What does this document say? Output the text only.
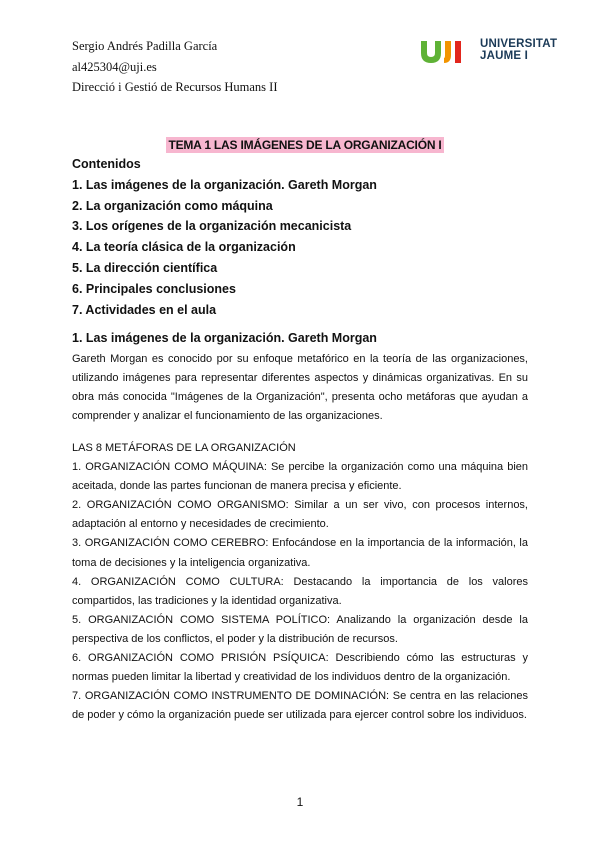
Sergio Andrés Padilla García
al425304@uji.es
Direcció i Gestió de Recursos Humans II
UNIVERSITAT
JAUME I
TEMA 1 LAS IMÁGENES DE LA ORGANIZACIÓN I
Contenidos
1. Las imágenes de la organización. Gareth Morgan
2. La organización como máquina
3. Los orígenes de la organización mecanicista
4. La teoría clásica de la organización
5. La dirección científica
6. Principales conclusiones
7. Actividades en el aula
1. Las imágenes de la organización. Gareth Morgan
Gareth Morgan es conocido por su enfoque metafórico en la teoría de las organizaciones, utilizando imágenes para representar diferentes aspectos y dinámicas organizativas. En su obra más conocida "Imágenes de la Organización", presenta ocho metáforas que ayudan a comprender y analizar el funcionamiento de las organizaciones.

LAS 8 METÁFORAS DE LA ORGANIZACIÓN

1. ORGANIZACIÓN COMO MÁQUINA: Se percibe la organización como una máquina bien aceitada, donde las partes funcionan de manera precisa y eficiente.

2. ORGANIZACIÓN COMO ORGANISMO: Similar a un ser vivo, con procesos internos, adaptación al entorno y necesidades de crecimiento.

3. ORGANIZACIÓN COMO CEREBRO: Enfocándose en la importancia de la información, la toma de decisiones y la inteligencia organizativa.

4. ORGANIZACIÓN COMO CULTURA: Destacando la importancia de los valores compartidos, las tradiciones y la identidad organizativa.

5. ORGANIZACIÓN COMO SISTEMA POLÍTICO: Analizando la organización desde la perspectiva de los conflictos, el poder y la distribución de recursos.

6. ORGANIZACIÓN COMO PRISIÓN PSÍQUICA: Describiendo cómo las estructuras y normas pueden limitar la libertad y creatividad de los individuos dentro de la organización.

7. ORGANIZACIÓN COMO INSTRUMENTO DE DOMINACIÓN: Se centra en las relaciones de poder y cómo la organización puede ser utilizada para ejercer control sobre los individuos.

1
